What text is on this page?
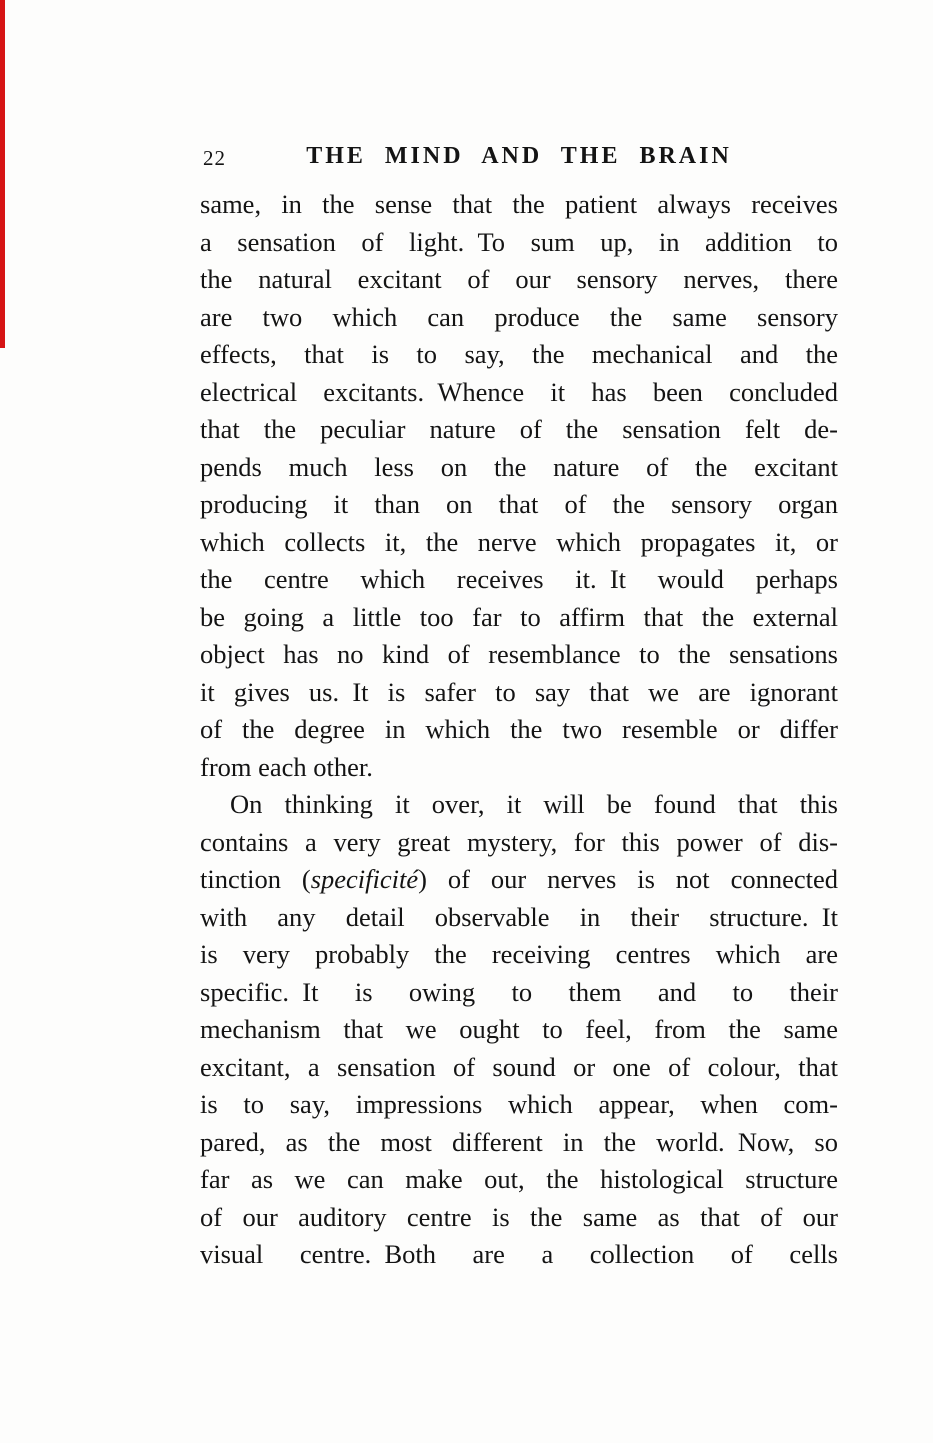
22	THE MIND AND THE BRAIN
same, in the sense that the patient always receives
a sensation of light. To sum up, in addition to
the natural excitant of our sensory nerves, there
are two which can produce the same sensory
effects, that is to say, the mechanical and the
electrical excitants. Whence it has been concluded
that the peculiar nature of the sensation felt de-
pends much less on the nature of the excitant
producing it than on that of the sensory organ
which collects it, the nerve which propagates it, or
the centre which receives it. It would perhaps
be going a little too far to affirm that the external
object has no kind of resemblance to the sensations
it gives us. It is safer to say that we are ignorant
of the degree in which the two resemble or differ
from each other.
On thinking it over, it will be found that this
contains a very great mystery, for this power of dis-
tinction (specificité) of our nerves is not connected
with any detail observable in their structure. It
is very probably the receiving centres which are
specific. It is owing to them and to their
mechanism that we ought to feel, from the same
excitant, a sensation of sound or one of colour, that
is to say, impressions which appear, when com-
pared, as the most different in the world. Now, so
far as we can make out, the histological structure
of our auditory centre is the same as that of our
visual centre. Both are a collection of cells
